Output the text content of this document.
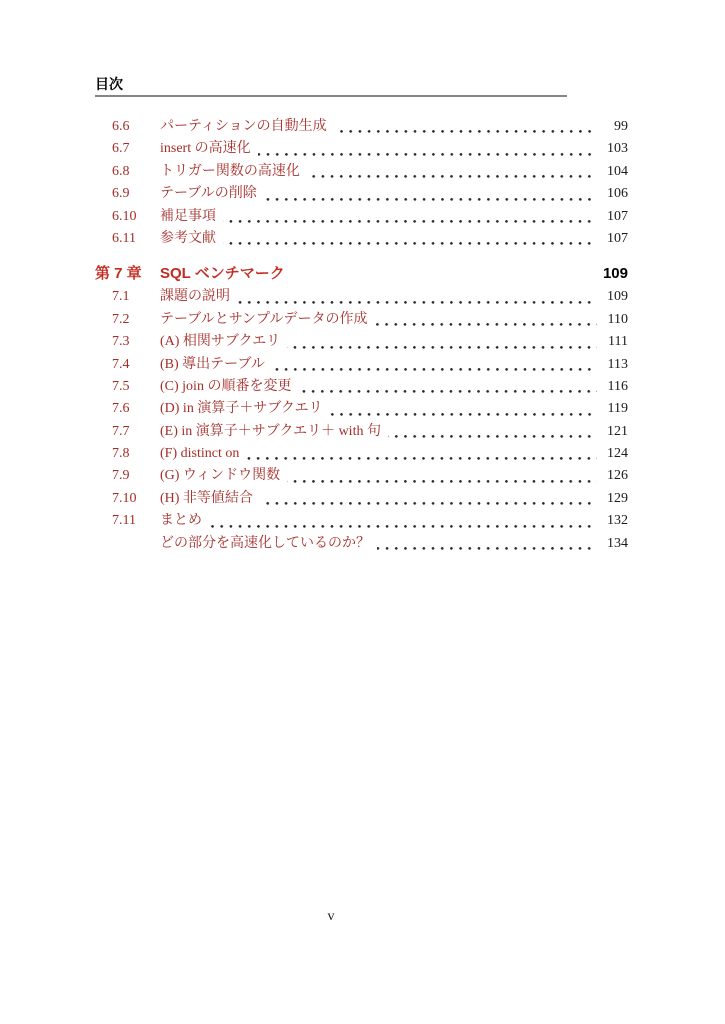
目次
6.6	パーティションの自動生成	99
6.7	insert の高速化	103
6.8	トリガー関数の高速化	104
6.9	テーブルの削除	106
6.10	補足事項	107
6.11	参考文献	107
第 7 章	SQL ベンチマーク	109
7.1	課題の説明	109
7.2	テーブルとサンプルデータの作成	110
7.3	(A) 相関サブクエリ	111
7.4	(B) 導出テーブル	113
7.5	(C) join の順番を変更	116
7.6	(D) in 演算子＋サブクエリ	119
7.7	(E) in 演算子＋サブクエリ＋ with 句	121
7.8	(F) distinct on	124
7.9	(G) ウィンドウ関数	126
7.10	(H) 非等値結合	129
7.11	まとめ	132
どの部分を高速化しているのか？	134
v
